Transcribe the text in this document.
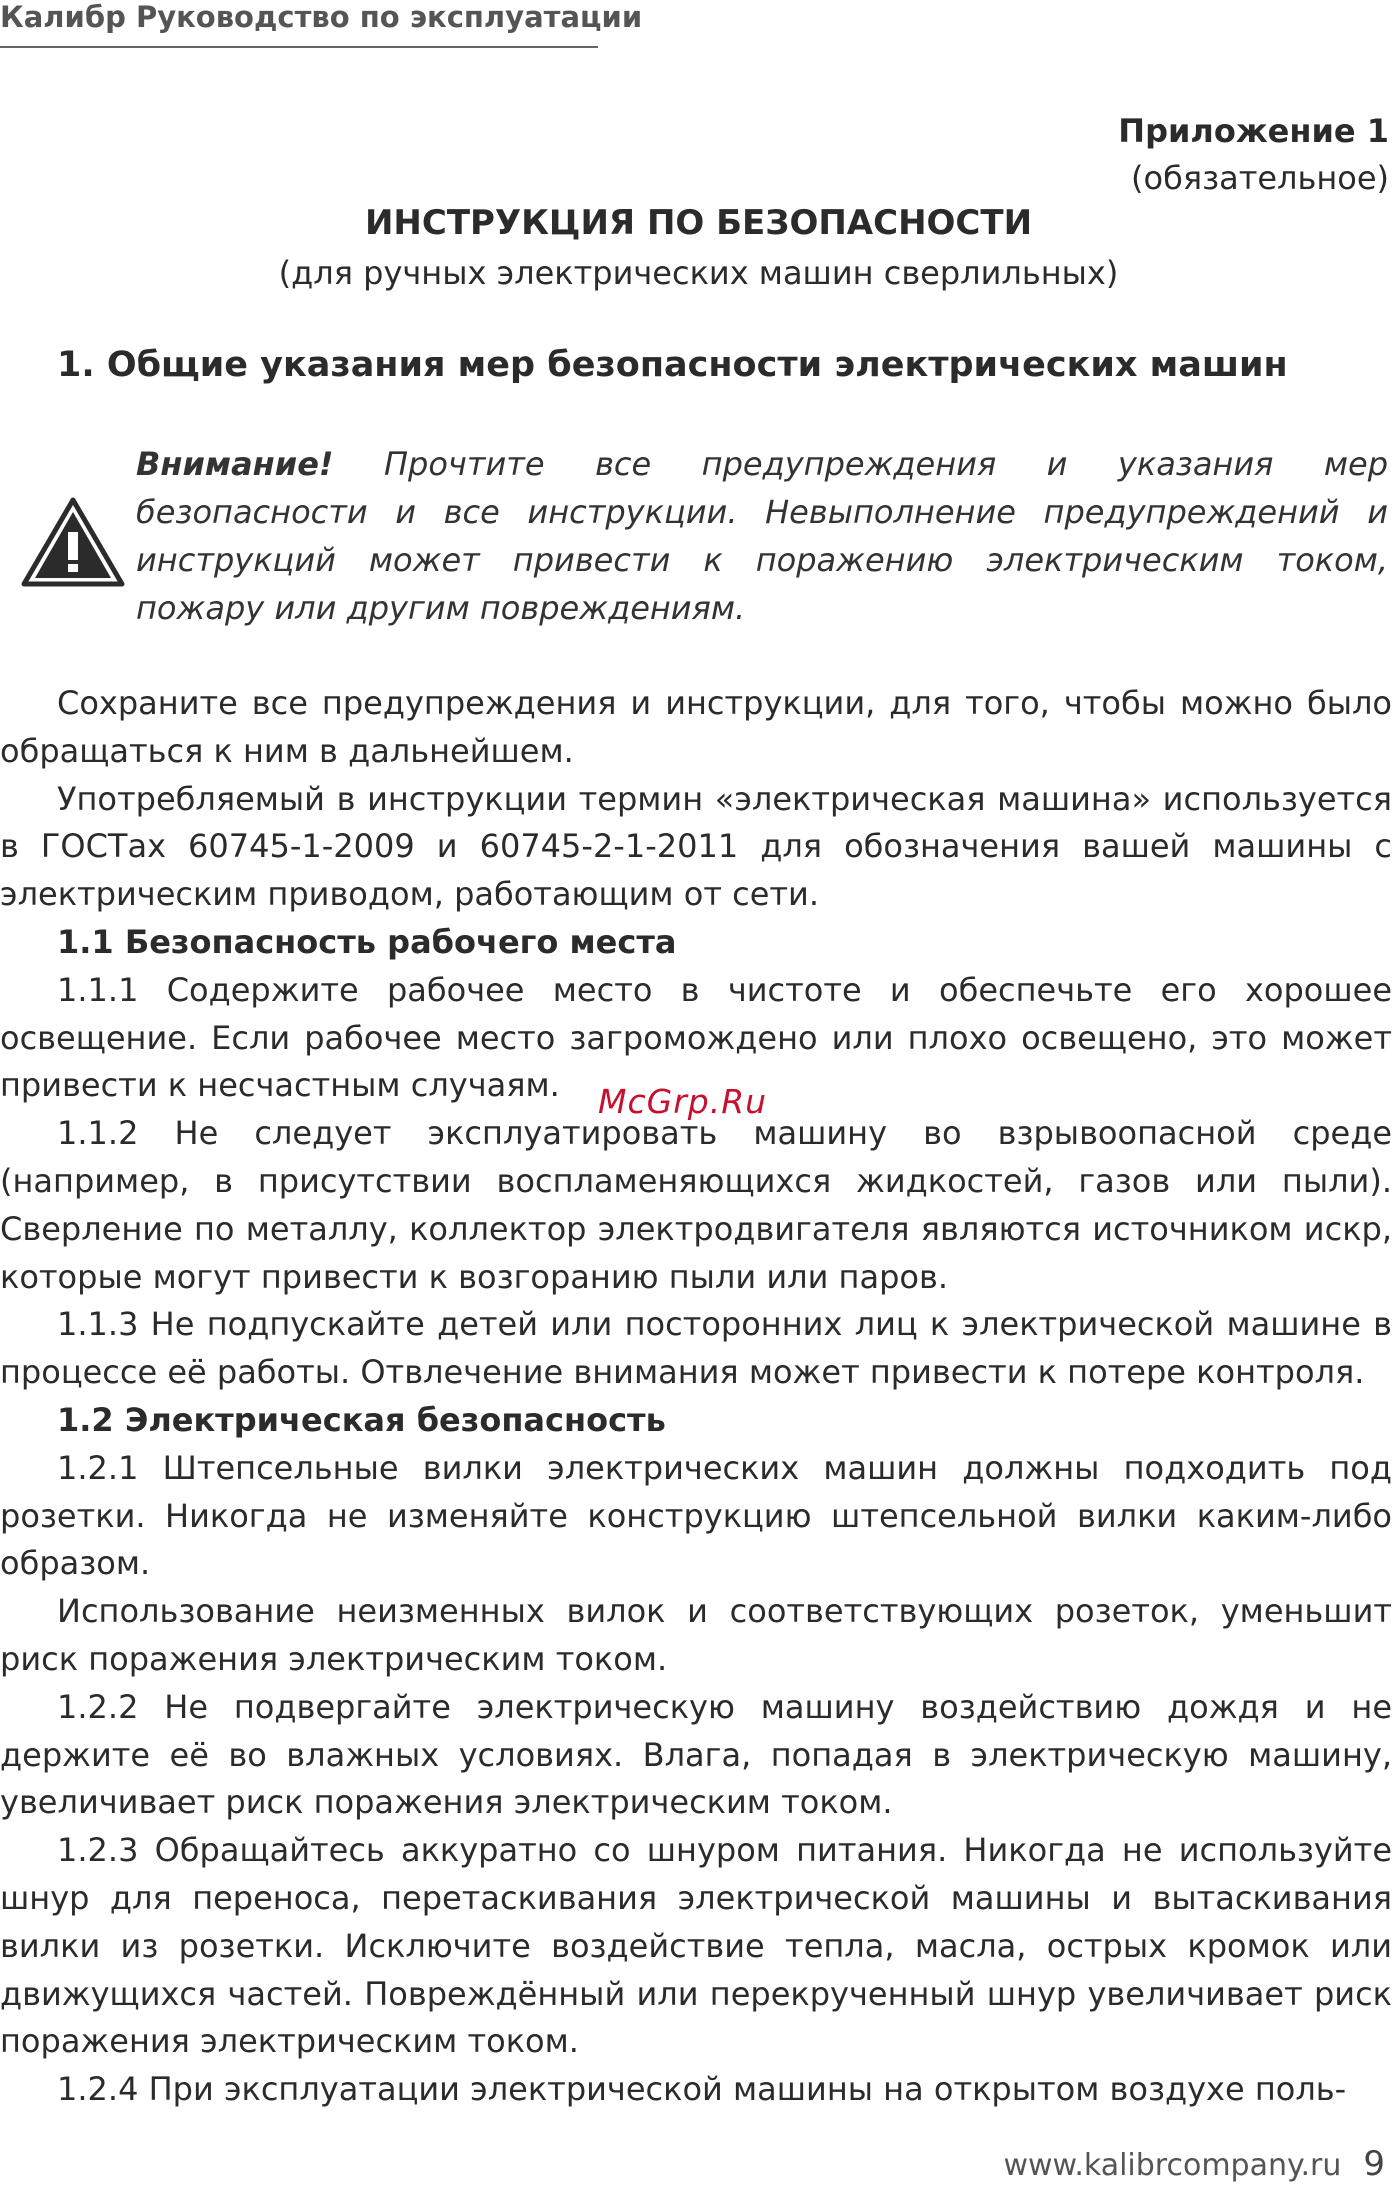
Калибр Руководство по эксплуатации
Приложение 1
(обязательное)
ИНСТРУКЦИЯ ПО БЕЗОПАСНОСТИ
(для ручных электрических машин сверлильных)
1. Общие указания мер безопасности электрических машин
Внимание! Прочтите все предупреждения и указания мер безопасности и все инструкции. Невыполнение предупреждений и инструкций может привести к поражению электрическим током, пожару или другим повреждениям.

Сохраните все предупреждения и инструкции, для того, чтобы можно было обращаться к ним в дальнейшем.

Употребляемый в инструкции термин «электрическая машина» используется в ГОСТах 60745-1-2009 и 60745-2-1-2011 для обозначения вашей машины с электрическим приводом, работающим от сети.

1.1 Безопасность рабочего места

1.1.1 Содержите рабочее место в чистоте и обеспечьте его хорошее освещение. Если рабочее место загромождено или плохо освещено, это может привести к несчастным случаям.

1.1.2 Не следует эксплуатировать машину во взрывоопасной среде (например, в присутствии воспламеняющихся жидкостей, газов или пыли). Сверление по металлу, коллектор электродвигателя являются источником искр, которые могут привести к возгоранию пыли или паров.

1.1.3 Не подпускайте детей или посторонних лиц к электрической машине в процессе её работы. Отвлечение внимания может привести к потере контроля.

1.2 Электрическая безопасность

1.2.1 Штепсельные вилки электрических машин должны подходить под розетки. Никогда не изменяйте конструкцию штепсельной вилки каким-либо образом.

Использование неизменных вилок и соответствующих розеток, уменьшит риск поражения электрическим током.

1.2.2 Не подвергайте электрическую машину воздействию дождя и не держите её во влажных условиях. Влага, попадая в электрическую машину, увеличивает риск поражения электрическим током.

1.2.3 Обращайтесь аккуратно со шнуром питания. Никогда не используйте шнур для переноса, перетаскивания электрической машины и вытаскивания вилки из розетки. Исключите воздействие тепла, масла, острых кромок или движущихся частей. Повреждённый или перекрученный шнур увеличивает риск поражения электрическим током.

1.2.4 При эксплуатации электрической машины на открытом воздухе поль-

McGrp.Ru
www.kalibrcompany.ru 9
